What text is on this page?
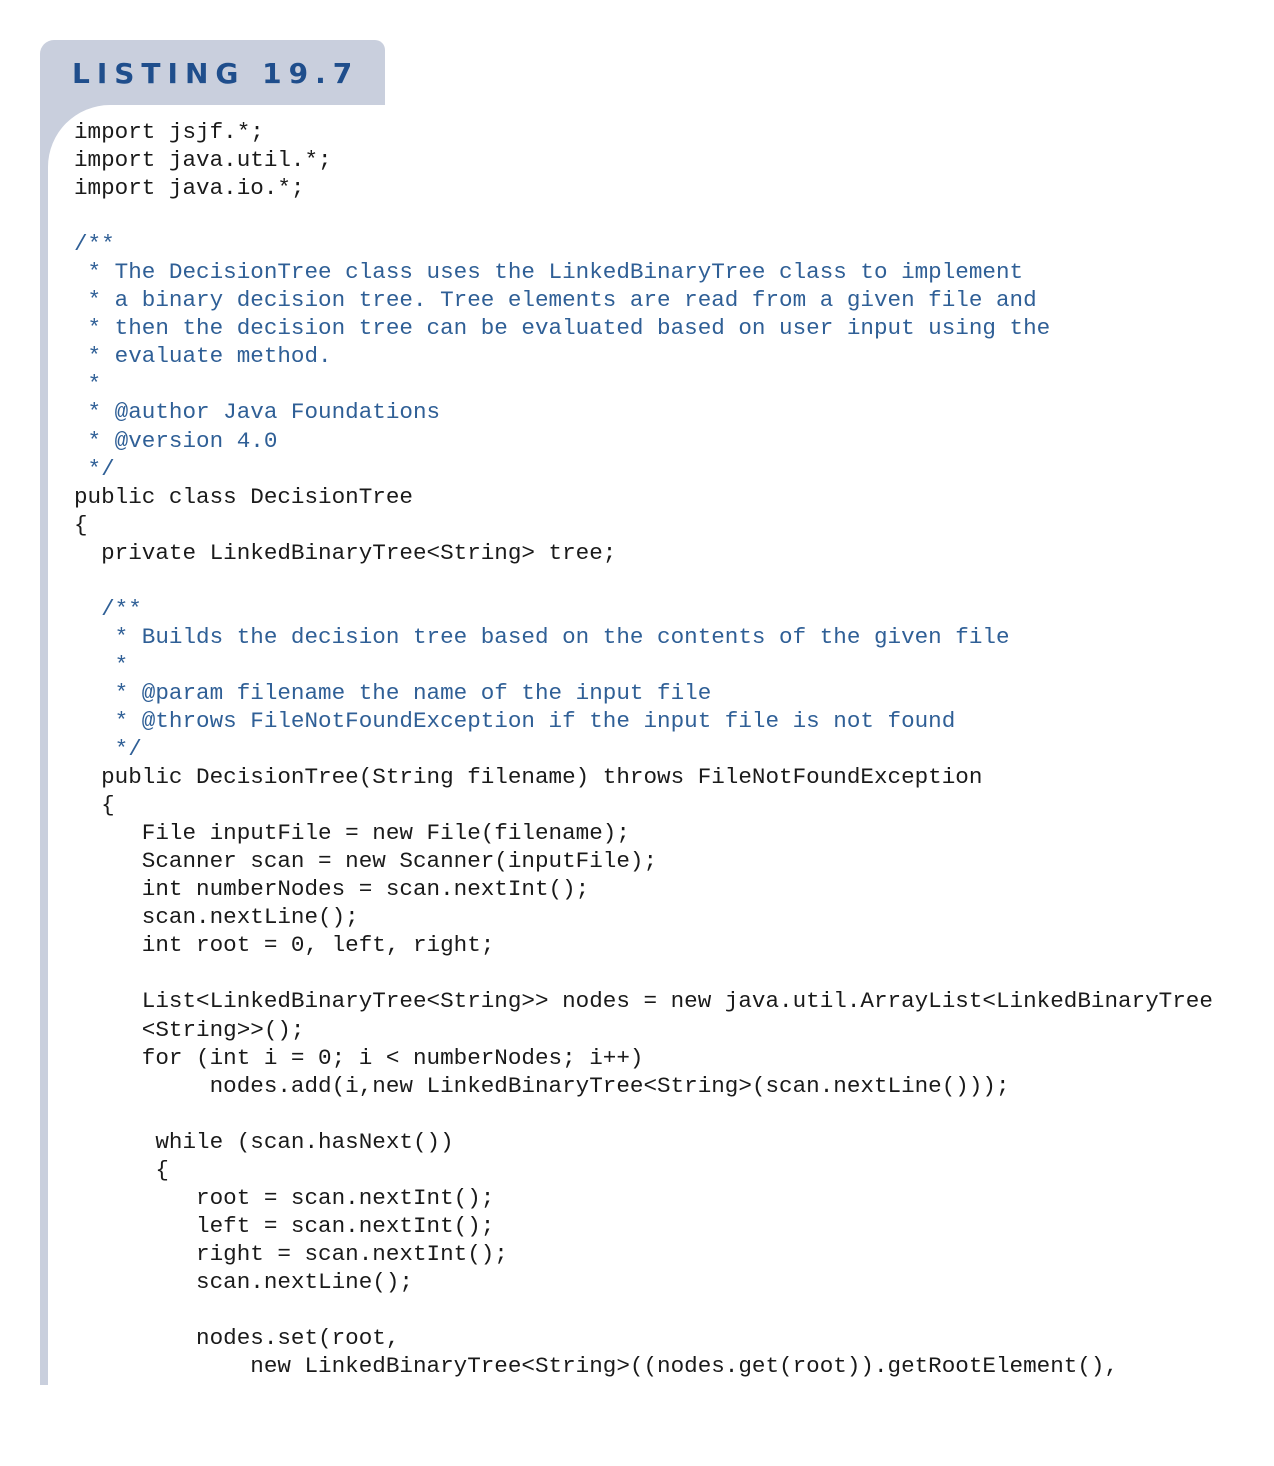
LISTING 19.7
import jsjf.*;
import java.util.*;
import java.io.*;
/**
* The DecisionTree class uses the LinkedBinaryTree class to implement
* a binary decision tree. Tree elements are read from a given file and
* then the decision tree can be evaluated based on user input using the
* evaluate method.
*
* @author Java Foundations
* @version 4.0
*/
public class DecisionTree
{
private LinkedBinaryTree<String> tree;
/**
* Builds the decision tree based on the contents of the given file
*
* @param filename the name of the input file
* @throws FileNotFoundException if the input file is not found
*/
public DecisionTree(String filename) throws FileNotFoundException
{
File inputFile = new File(filename);
Scanner scan = new Scanner(inputFile);
int numberNodes = scan.nextInt();
scan.nextLine();
int root = 0, left, right;
List<LinkedBinaryTree<String>> nodes = new java.util.ArrayList<LinkedBinaryTree
<String>>();
for (int i = 0; i < numberNodes; i++)
nodes.add(i,new LinkedBinaryTree<String>(scan.nextLine()));
while (scan.hasNext())
{
root = scan.nextInt();
left = scan.nextInt();
right = scan.nextInt();
scan.nextLine();
nodes.set(root,
new LinkedBinaryTree<String>((nodes.get(root)).getRootElement(),
